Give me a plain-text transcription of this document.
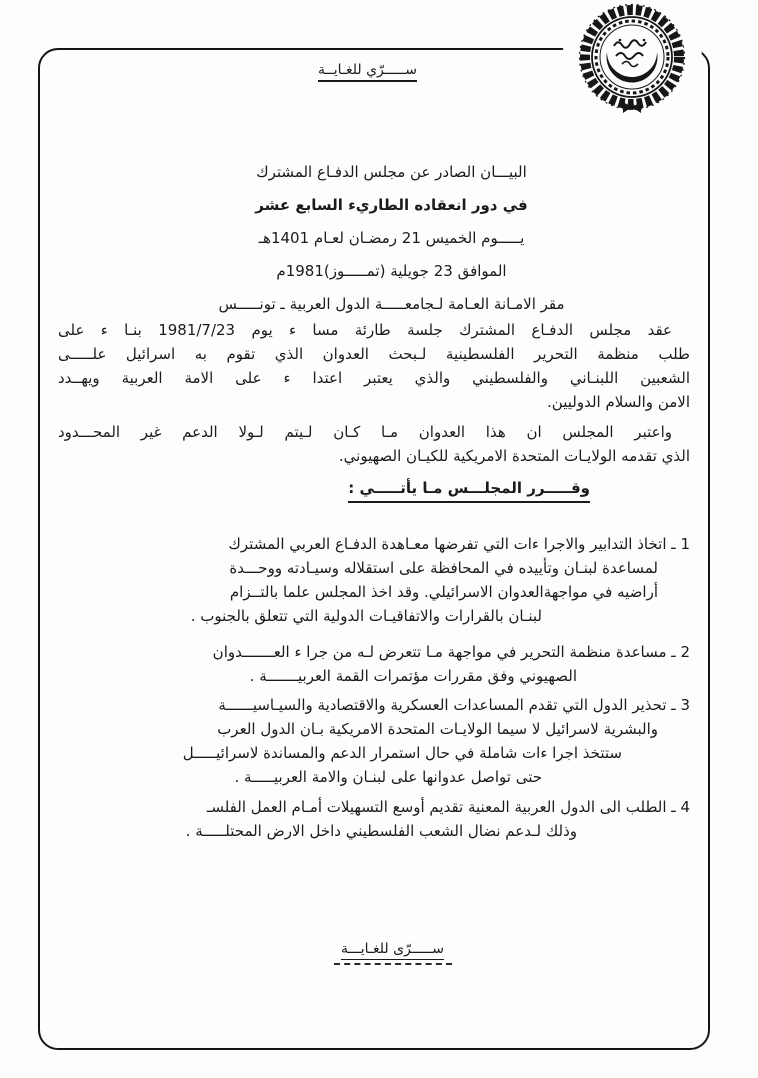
ســـــرّي للغـايــة
البيـــان الصادر عن مجلس الدفـاع المشترك
في دور انعقاده الطاريء السابع عشر
يـــــوم الخميس 21 رمضـان لعـام 1401هـ
الموافق 23 جويلية (تمـــــوز)1981م
مقر الامـانة العـامة لـجامعـــــة الدول العربية ـ تونـــــس
عقد مجلس الدفـاع المشترك جلسة طارئة مسا ء يوم 1981/7/23 بنـا ء على
طلب منظمة التحرير الفلسطينية لـبحث العدوان الذي تقوم به اسرائيل علـــــى
الشعبين اللبنـاني والفلسطيني والذي يعتبر اعتدا ء على الامة العربية ويهــدد
الامن والسلام الدوليين.
واعتبر المجلس ان هذا العدوان مـا كـان لـيتم لـولا الدعم غير المحـــدود
الذي تقدمه الولايـات المتحدة الامريكية للكيـان الصهيوني.
وقـــــرر المجلـــس مـا يأتـــــي :
1 ـ اتخاذ التدابير والاجرا ءات التي تفرضها معـاهدة الدفـاع العربي المشترك
لمساعدة لبنـان وتأييده في المحافظة على استقلاله وسيـادته ووحـــدة
أراضيه في مواجهةالعدوان الاسرائيلي. وقد اخذ المجلس علما بالتــزام
لبنـان بالقرارات والاتفاقيـات الدولية التي تتعلق بالجنوب .
2 ـ مساعدة منظمة التحرير في مواجهة مـا تتعرض لـه من جرا ء العـــــــدوان
الصهيوني وفق مقررات مؤتمرات القمة العربيـــــــة .
3 ـ تحذير الدول التي تقدم المساعدات العسكرية والاقتصادية والسيـاسيــــــة
والبشرية لاسرائيل لا سيما الولايـات المتحدة الامريكية بـان الدول العرب
ستتخذ اجرا ءات شاملة في حال استمرار الدعم والمساندة لاسرائيـــــل
حتى تواصل عدوانها على لبنـان والامة العربيـــــة .
4 ـ الطلب الى الدول العربية المعنية تقديم أوسع التسهيلات أمـام العمل الفلسـ
وذلك لـدعم نضال الشعب الفلسطيني داخل الارض المحتلـــــة .
ســـــرّى للغـايـــة
